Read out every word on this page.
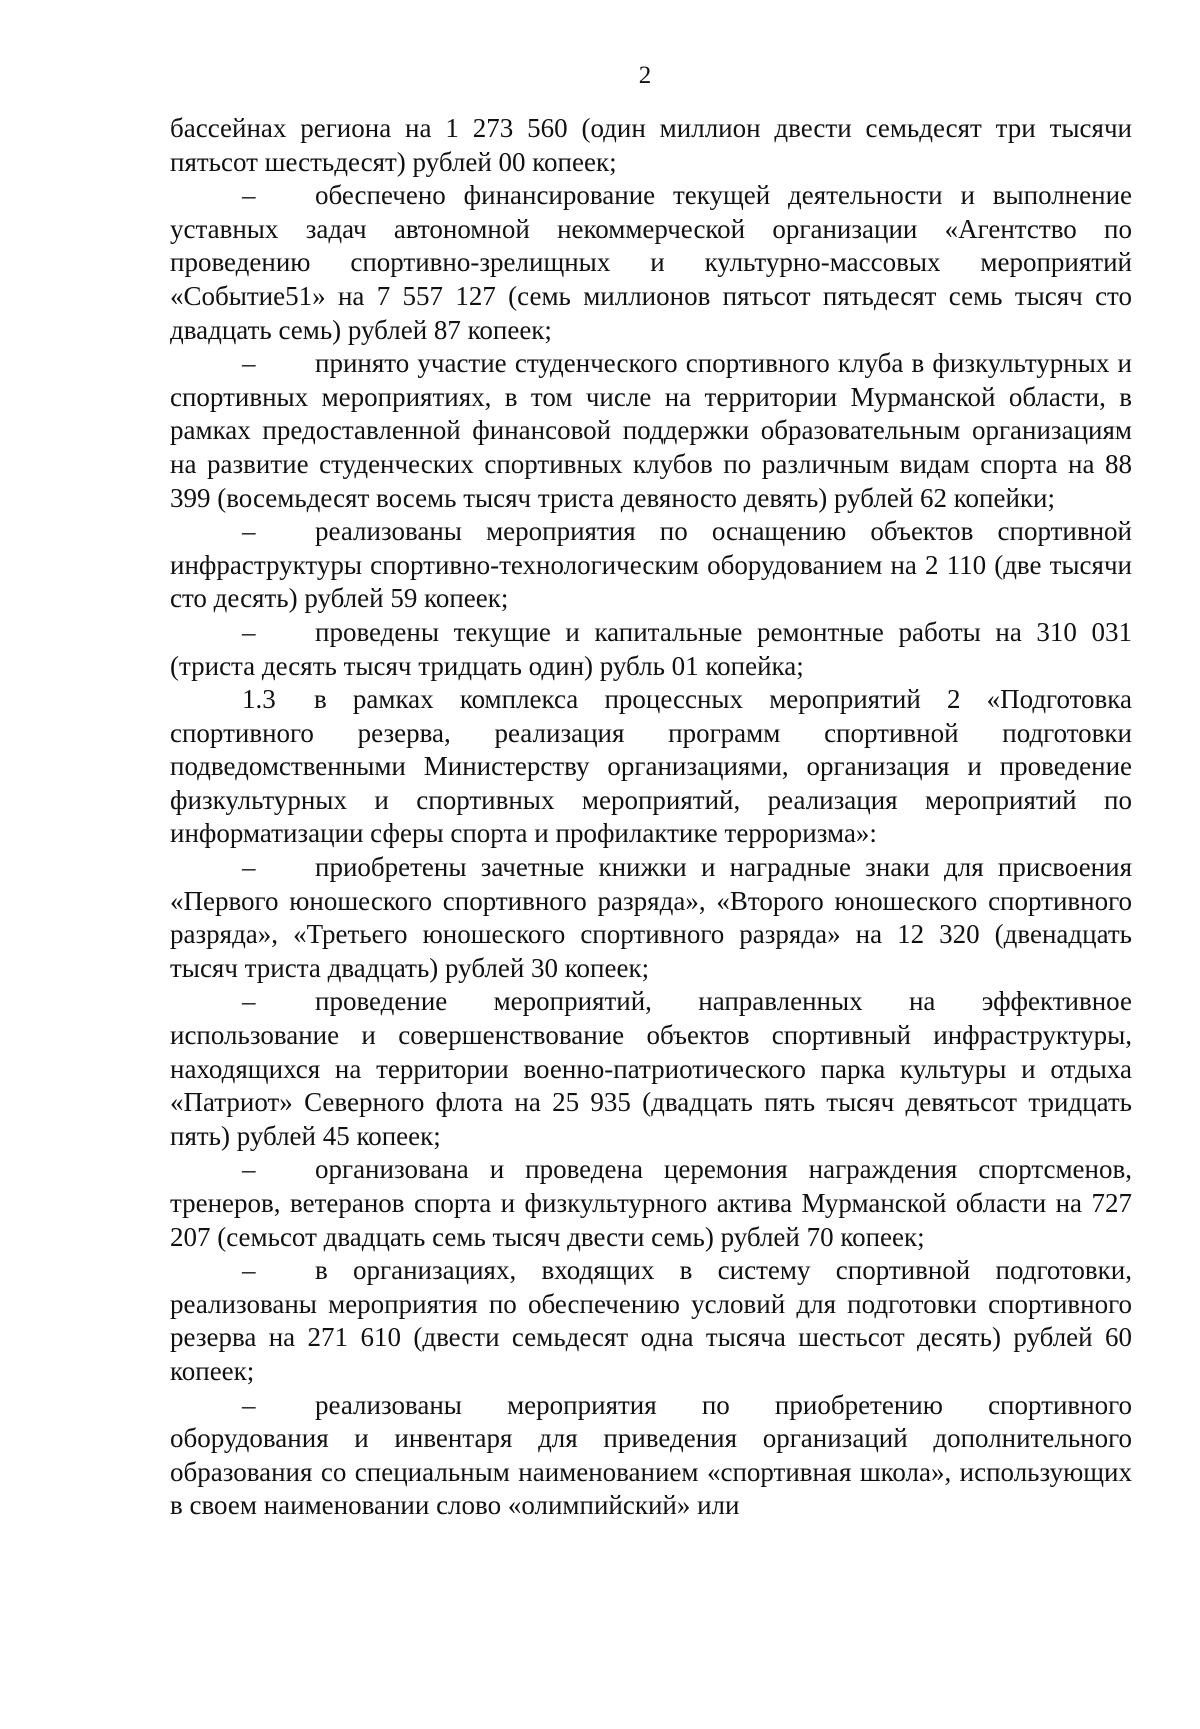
2

бассейнах региона на 1 273 560 (один миллион двести семьдесят три тысячи пятьсот шестьдесят) рублей 00 копеек;

– обеспечено финансирование текущей деятельности и выполнение уставных задач автономной некоммерческой организации «Агентство по проведению спортивно-зрелищных и культурно-массовых мероприятий «Событие51» на 7 557 127 (семь миллионов пятьсот пятьдесят семь тысяч сто двадцать семь) рублей 87 копеек;

– принято участие студенческого спортивного клуба в физкультурных и спортивных мероприятиях, в том числе на территории Мурманской области, в рамках предоставленной финансовой поддержки образовательным организациям на развитие студенческих спортивных клубов по различным видам спорта на 88 399 (восемьдесят восемь тысяч триста девяносто девять) рублей 62 копейки;

– реализованы мероприятия по оснащению объектов спортивной инфраструктуры спортивно-технологическим оборудованием на 2 110 (две тысячи сто десять) рублей 59 копеек;

– проведены текущие и капитальные ремонтные работы на 310 031 (триста десять тысяч тридцать один) рубль 01 копейка;

1.3 в рамках комплекса процессных мероприятий 2 «Подготовка спортивного резерва, реализация программ спортивной подготовки подведомственными Министерству организациями, организация и проведение физкультурных и спортивных мероприятий, реализация мероприятий по информатизации сферы спорта и профилактике терроризма»:

– приобретены зачетные книжки и наградные знаки для присвоения «Первого юношеского спортивного разряда», «Второго юношеского спортивного разряда», «Третьего юношеского спортивного разряда» на 12 320 (двенадцать тысяч триста двадцать) рублей 30 копеек;

– проведение мероприятий, направленных на эффективное использование и совершенствование объектов спортивный инфраструктуры, находящихся на территории военно-патриотического парка культуры и отдыха «Патриот» Северного флота на 25 935 (двадцать пять тысяч девятьсот тридцать пять) рублей 45 копеек;

– организована и проведена церемония награждения спортсменов, тренеров, ветеранов спорта и физкультурного актива Мурманской области на 727 207 (семьсот двадцать семь тысяч двести семь) рублей 70 копеек;

– в организациях, входящих в систему спортивной подготовки, реализованы мероприятия по обеспечению условий для подготовки спортивного резерва на 271 610 (двести семьдесят одна тысяча шестьсот десять) рублей 60 копеек;

– реализованы мероприятия по приобретению спортивного оборудования и инвентаря для приведения организаций дополнительного образования со специальным наименованием «спортивная школа», использующих в своем наименовании слово «олимпийский» или
